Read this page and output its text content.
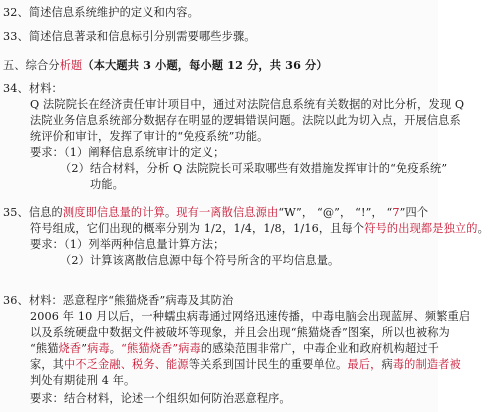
32、简述信息系统维护的定义和内容。
33、简述信息著录和信息标引分别需要哪些步骤。
五、综合分析题（本大题共 3 小题，每小题 12 分，共 36 分）
34、材料：
Q 法院院长在经济责任审计项目中，通过对法院信息系统有关数据的对比分析，发现 Q
法院业务信息系统部分数据存在明显的逻辑错误问题。法院以此为切入点，开展信息系
统评价和审计，发挥了审计的“免疫系统”功能。
要求：（1）阐释信息系统审计的定义；
（2）结合材料，分析 Q 法院院长可采取哪些有效措施发挥审计的“免疫系统”
功能。
35、信息的测度即信息量的计算。现有一离散信息源由“W”， “@”， “!”， “7”四个
符号组成，它们出现的概率分别为 1/2，1/4，1/8，1/16，且每个符号的出现都是独立的。
要求：（1）列举两种信息量计算方法；
（2）计算该离散信息源中每个符号所含的平均信息量。
36、材料：恶意程序“熊猫烧香”病毒及其防治
2006 年 10 月以后，一种蠕虫病毒通过网络迅速传播，中毒电脑会出现蓝屏、频繁重启
以及系统硬盘中数据文件被破坏等现象，并且会出现“熊猫烧香”图案，所以也被称为
“熊猫烧香”病毒。“熊猫烧香”病毒的感染范围非常广，中毒企业和政府机构超过千
家，其中不乏金融、税务、能源等关系到国计民生的重要单位。最后，病毒的制造者被
判处有期徒刑 4 年。
要求：结合材料，论述一个组织如何防治恶意程序。
